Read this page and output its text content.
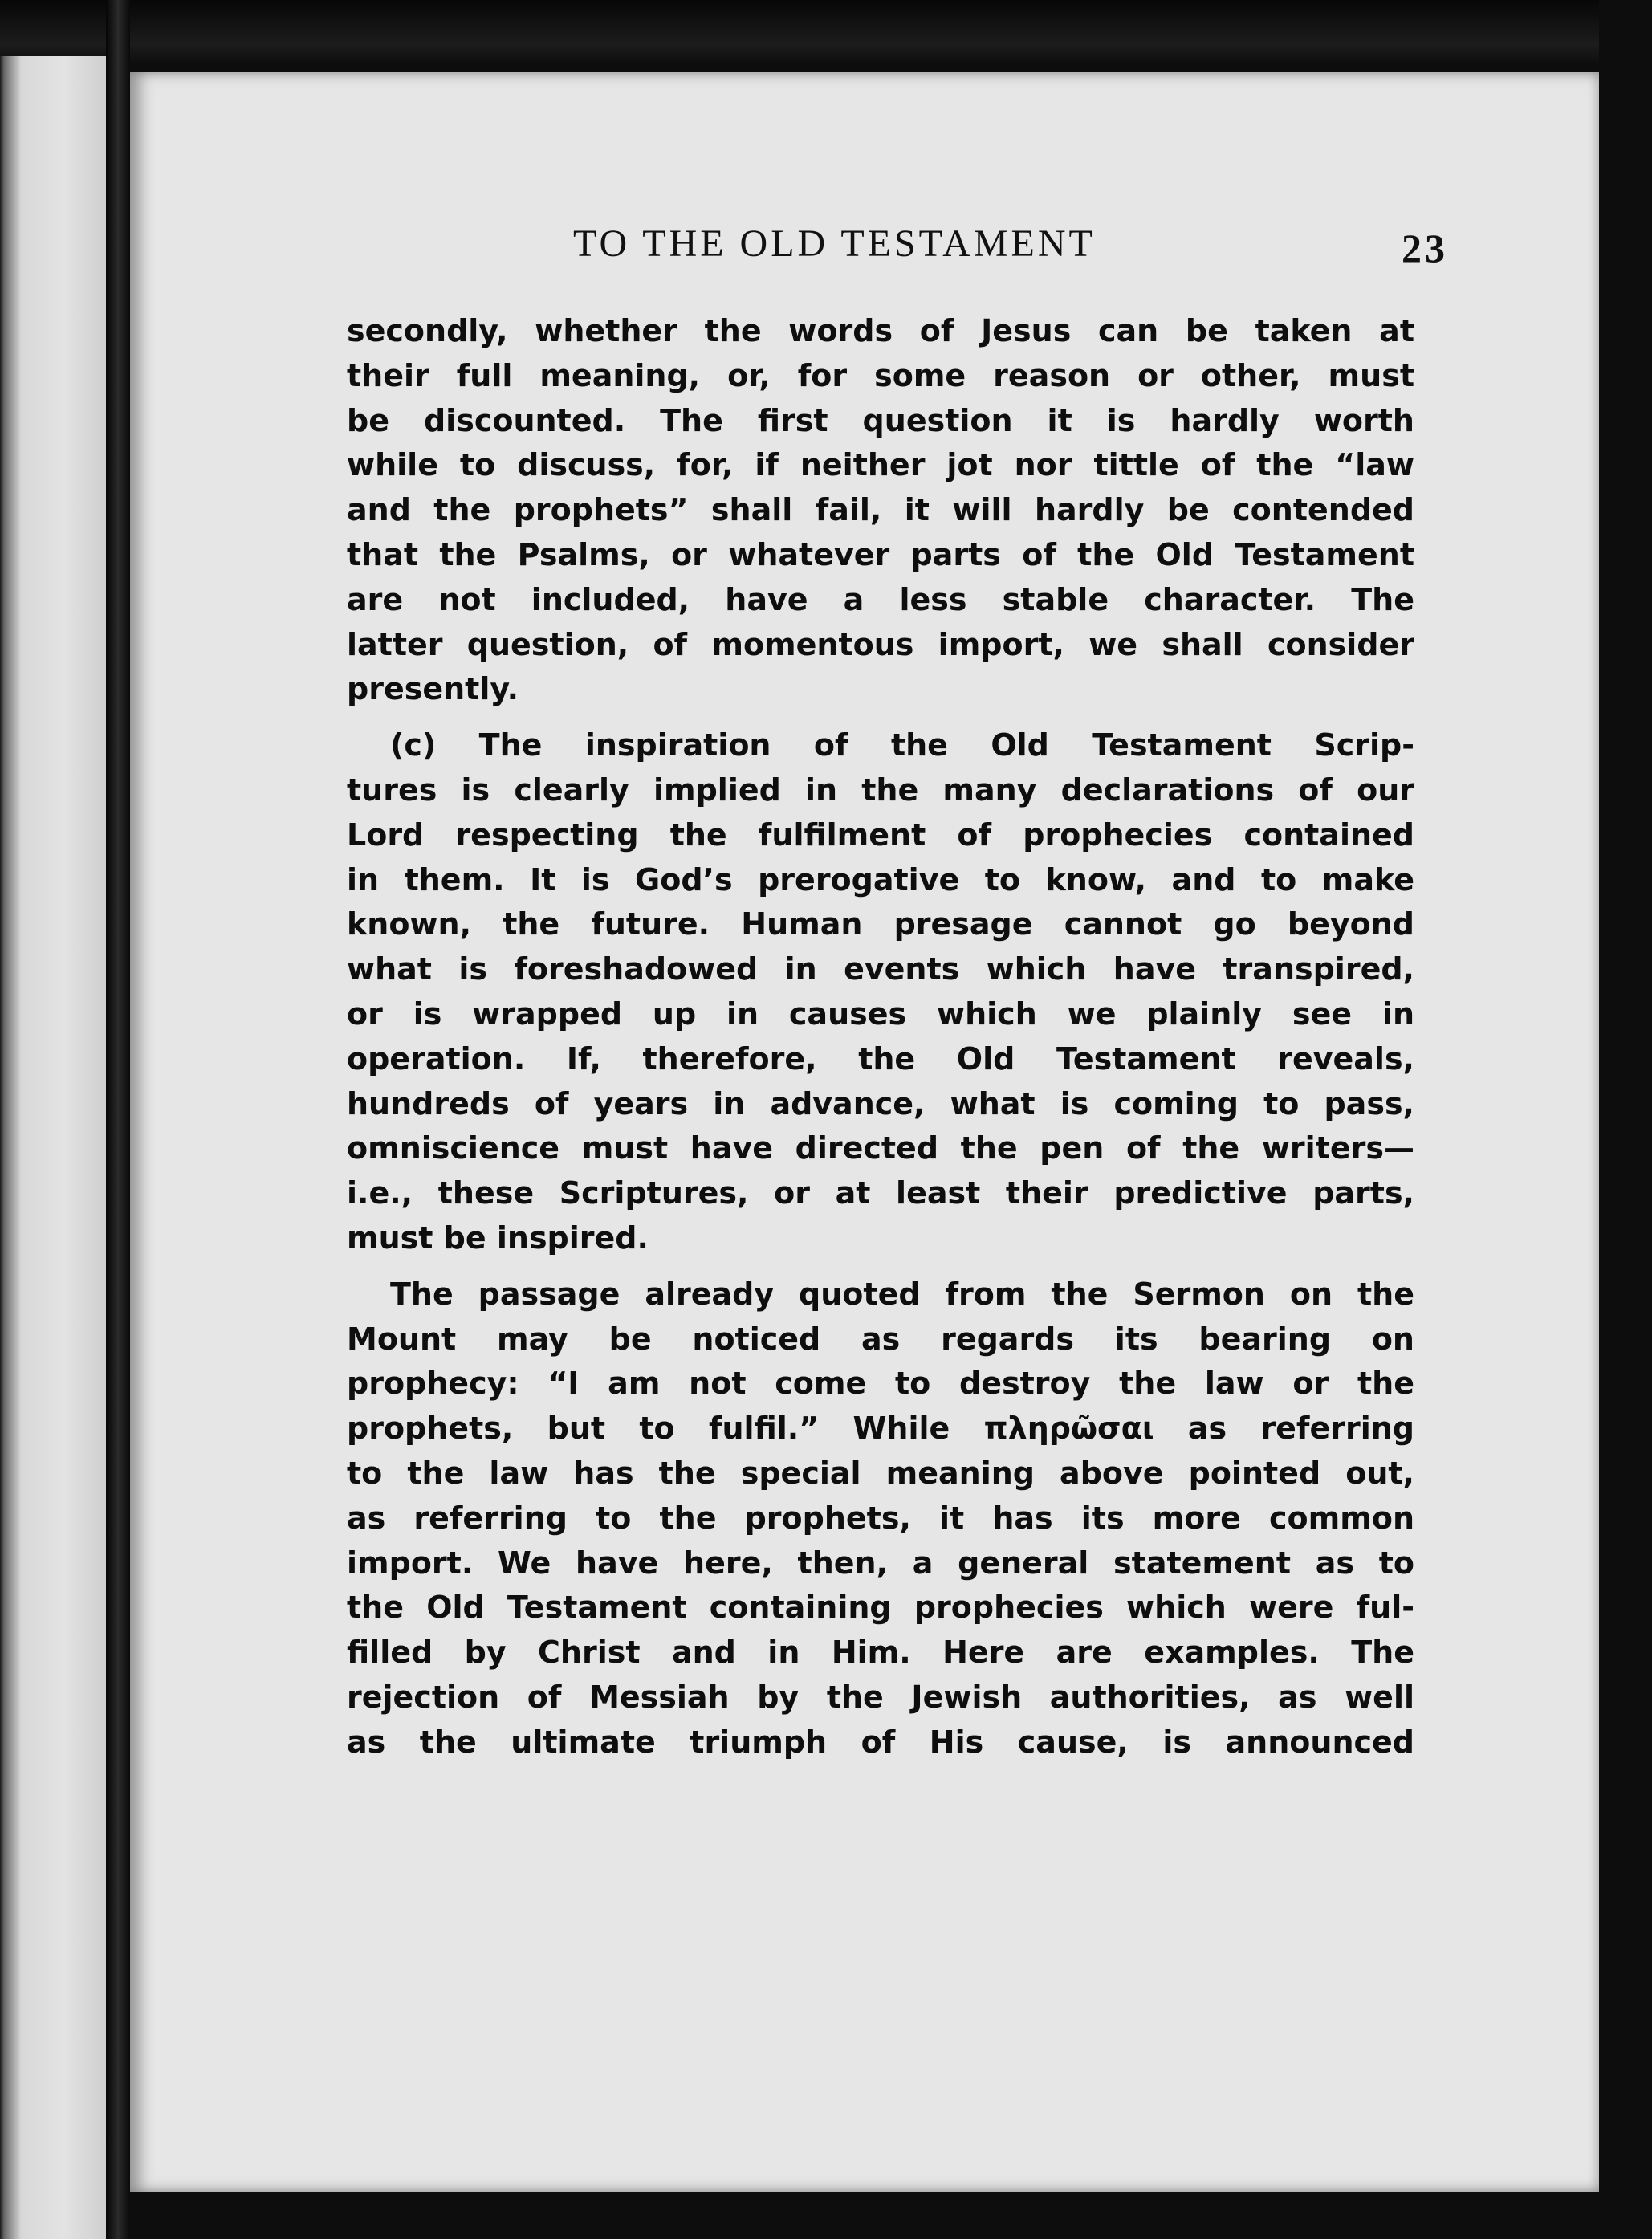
TO THE OLD TESTAMENT	23

secondly, whether the words of Jesus can be taken at
their full meaning, or, for some reason or other, must
be discounted. The first question it is hardly worth
while to discuss, for, if neither jot nor tittle of the “law
and the prophets” shall fail, it will hardly be contended
that the Psalms, or whatever parts of the Old Testament
are not included, have a less stable character. The
latter question, of momentous import, we shall consider
presently.

(c) The inspiration of the Old Testament Scrip-
tures is clearly implied in the many declarations of our
Lord respecting the fulfilment of prophecies contained
in them. It is God’s prerogative to know, and to make
known, the future. Human presage cannot go beyond
what is foreshadowed in events which have transpired,
or is wrapped up in causes which we plainly see in
operation. If, therefore, the Old Testament reveals,
hundreds of years in advance, what is coming to pass,
omniscience must have directed the pen of the writers—
i.e., these Scriptures, or at least their predictive parts,
must be inspired.

The passage already quoted from the Sermon on the
Mount may be noticed as regards its bearing on
prophecy: “I am not come to destroy the law or the
prophets, but to fulfil.” While πληρῶσαι as referring
to the law has the special meaning above pointed out,
as referring to the prophets, it has its more common
import. We have here, then, a general statement as to
the Old Testament containing prophecies which were ful-
filled by Christ and in Him. Here are examples. The
rejection of Messiah by the Jewish authorities, as well
as the ultimate triumph of His cause, is announced
